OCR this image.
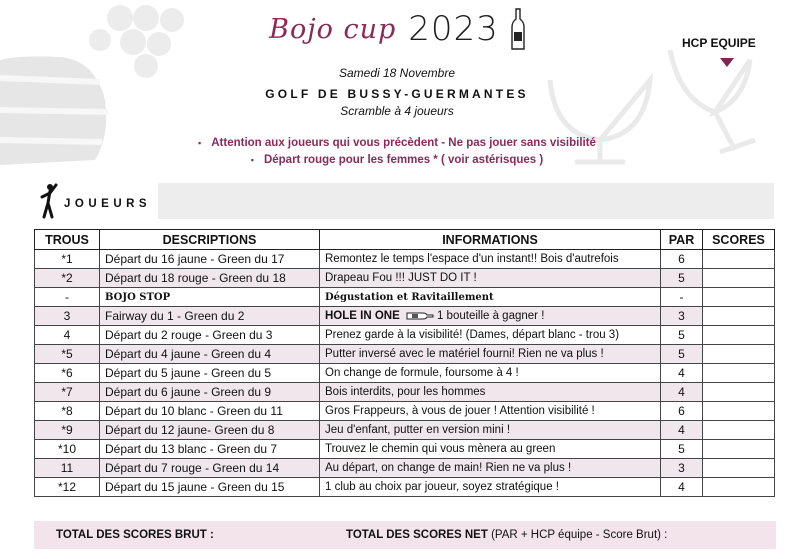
Bojo cup 2023	HCP EQUIPE
Samedi 18 Novembre
GOLF DE BUSSY-GUERMANTES
Scramble à 4 joueurs
▪ Attention aux joueurs qui vous précèdent - Ne pas jouer sans visibilité
▪ Départ rouge pour les femmes * ( voir astérisques )
JOUEURS
TROUS	DESCRIPTIONS	INFORMATIONS	PAR	SCORES
*1	Départ du 16 jaune - Green du 17	Remontez le temps l'espace d'un instant!! Bois d'autrefois	6	
*2	Départ du 18 rouge - Green du 18	Drapeau Fou !!! JUST DO IT !	5	
-	BOJO STOP	Dégustation et Ravitaillement	-	
3	Fairway du 1 - Green du 2	HOLE IN ONE 1 bouteille à gagner !	3	
4	Départ du 2 rouge - Green du 3	Prenez garde à la visibilité! (Dames, départ blanc - trou 3)	5	
*5	Départ du 4 jaune - Green du 4	Putter inversé avec le matériel fourni! Rien ne va plus !	5	
*6	Départ du 5 jaune - Green du 5	On change de formule, foursome à 4 !	4	
*7	Départ du 6 jaune - Green du 9	Bois interdits, pour les hommes	4	
*8	Départ du 10 blanc - Green du 11	Gros Frappeurs, à vous de jouer ! Attention visibilité !	6	
*9	Départ du 12 jaune- Green du 8	Jeu d'enfant, putter en version mini !	4	
*10	Départ du 13 blanc - Green du 7	Trouvez le chemin qui vous mènera au green	5	
11	Départ du 7 rouge - Green du 14	Au départ, on change de main! Rien ne va plus !	3	
*12	Départ du 15 jaune - Green du 15	1 club au choix par joueur, soyez stratégique !	4	
TOTAL DES SCORES BRUT :	TOTAL DES SCORES NET (PAR + HCP équipe - Score Brut) :
